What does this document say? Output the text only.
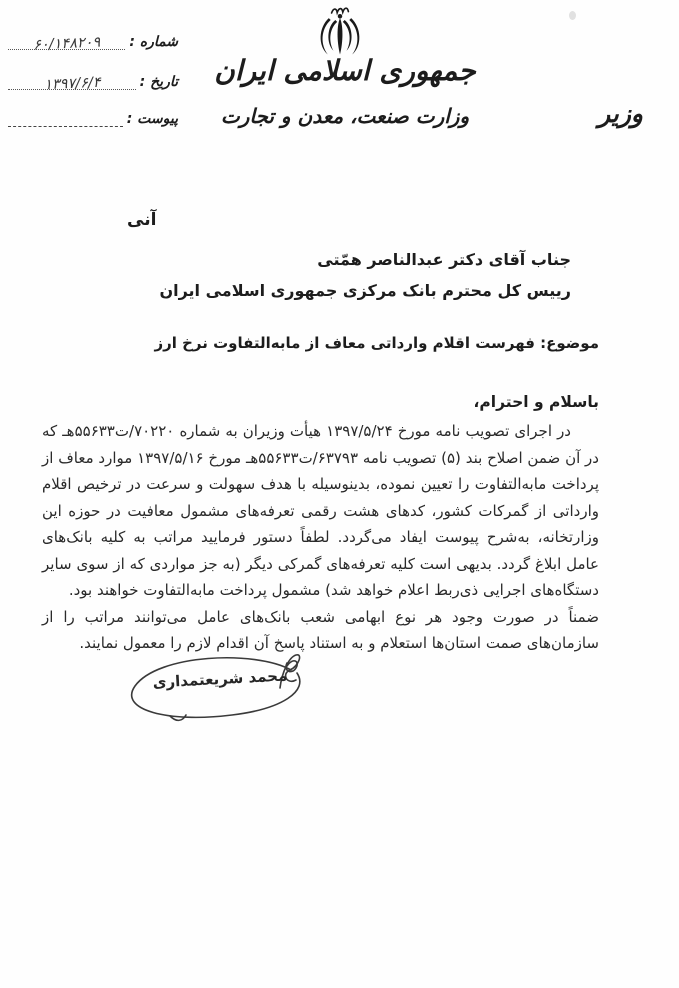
جمهوری اسلامی ایران
وزارت صنعت، معدن و تجارت	وزیر
شماره :
۶۰/۱۴۸۲۰۹
تاریخ :
۱۳۹۷/۶/۴
پیوست :
آنی
جناب آقای دکتر عبدالناصر همّتی
رییس کل محترم بانک مرکزی جمهوری اسلامی ایران
موضوع: فهرست اقلام وارداتی معاف از مابه‌التفاوت نرخ ارز
باسلام و احترام،

در اجرای تصویب نامه مورخ ۱۳۹۷/۵/۲۴ هیأت وزیران به شماره ۷۰۲۲۰/ت۵۵۶۳۳هـ که در آن ضمن اصلاح بند (۵) تصویب نامه ۶۳۷۹۳/ت۵۵۶۳۳هـ مورخ ۱۳۹۷/۵/۱۶ موارد معاف از پرداخت مابه‌التفاوت را تعیین نموده، بدینوسیله با هدف سهولت و سرعت در ترخیص اقلام وارداتی از گمرکات کشور، کدهای هشت رقمی تعرفه‌های مشمول معافیت در حوزه این وزارتخانه، به‌شرح پیوست ایفاد می‌گردد. لطفاً دستور فرمایید مراتب به کلیه بانک‌های عامل ابلاغ گردد. بدیهی است کلیه تعرفه‌های گمرکی دیگر (به جز مواردی که از سوی سایر دستگاه‌های اجرایی ذی‌ربط اعلام خواهد شد) مشمول پرداخت مابه‌التفاوت خواهند بود.

ضمناً در صورت وجود هر نوع ابهامی شعب بانک‌های عامل می‌توانند مراتب را از سازمان‌های صمت استان‌ها استعلام و به استناد پاسخ آن اقدام لازم را معمول نمایند.

محمد شریعتمداری
